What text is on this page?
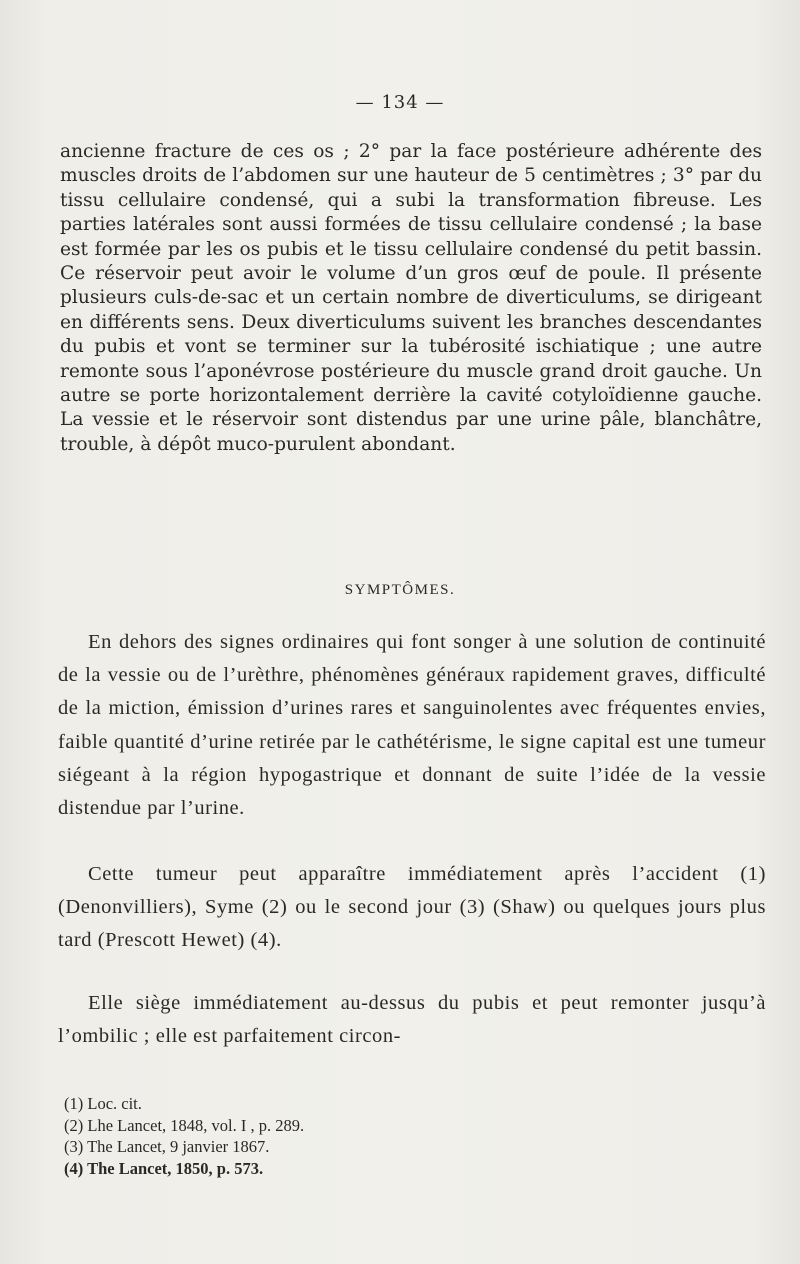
— 134 —

ancienne fracture de ces os ; 2° par la face postérieure adhérente des muscles droits de l’abdomen sur une hauteur de 5 centimètres ; 3° par du tissu cellulaire condensé, qui a subi la transformation fibreuse. Les parties latérales sont aussi formées de tissu cellulaire condensé ; la base est formée par les os pubis et le tissu cellulaire condensé du petit bassin. Ce réservoir peut avoir le volume d’un gros œuf de poule. Il présente plusieurs culs-de-sac et un certain nombre de diverticulums, se dirigeant en différents sens. Deux diverticulums suivent les branches descendantes du pubis et vont se terminer sur la tubérosité ischiatique ; une autre remonte sous l’aponévrose postérieure du muscle grand droit gauche. Un autre se porte horizontalement derrière la cavité cotyloïdienne gauche. La vessie et le réservoir sont distendus par une urine pâle, blanchâtre, trouble, à dépôt muco-purulent abondant.

SYMPTÔMES.

En dehors des signes ordinaires qui font songer à une solution de continuité de la vessie ou de l’urèthre, phénomènes généraux rapidement graves, difficulté de la miction, émission d’urines rares et sanguinolentes avec fréquentes envies, faible quantité d’urine retirée par le cathétérisme, le signe capital est une tumeur siégeant à la région hypogastrique et donnant de suite l’idée de la vessie distendue par l’urine.

Cette tumeur peut apparaître immédiatement après l’accident (1) (Denonvilliers), Syme (2) ou le second jour (3) (Shaw) ou quelques jours plus tard (Prescott Hewet) (4).

Elle siège immédiatement au-dessus du pubis et peut remonter jusqu’à l’ombilic ; elle est parfaitement circon-

(1) Loc. cit.
(2) Lhe Lancet, 1848, vol. I , p. 289.
(3) The Lancet, 9 janvier 1867.
(4) The Lancet, 1850, p. 573.
